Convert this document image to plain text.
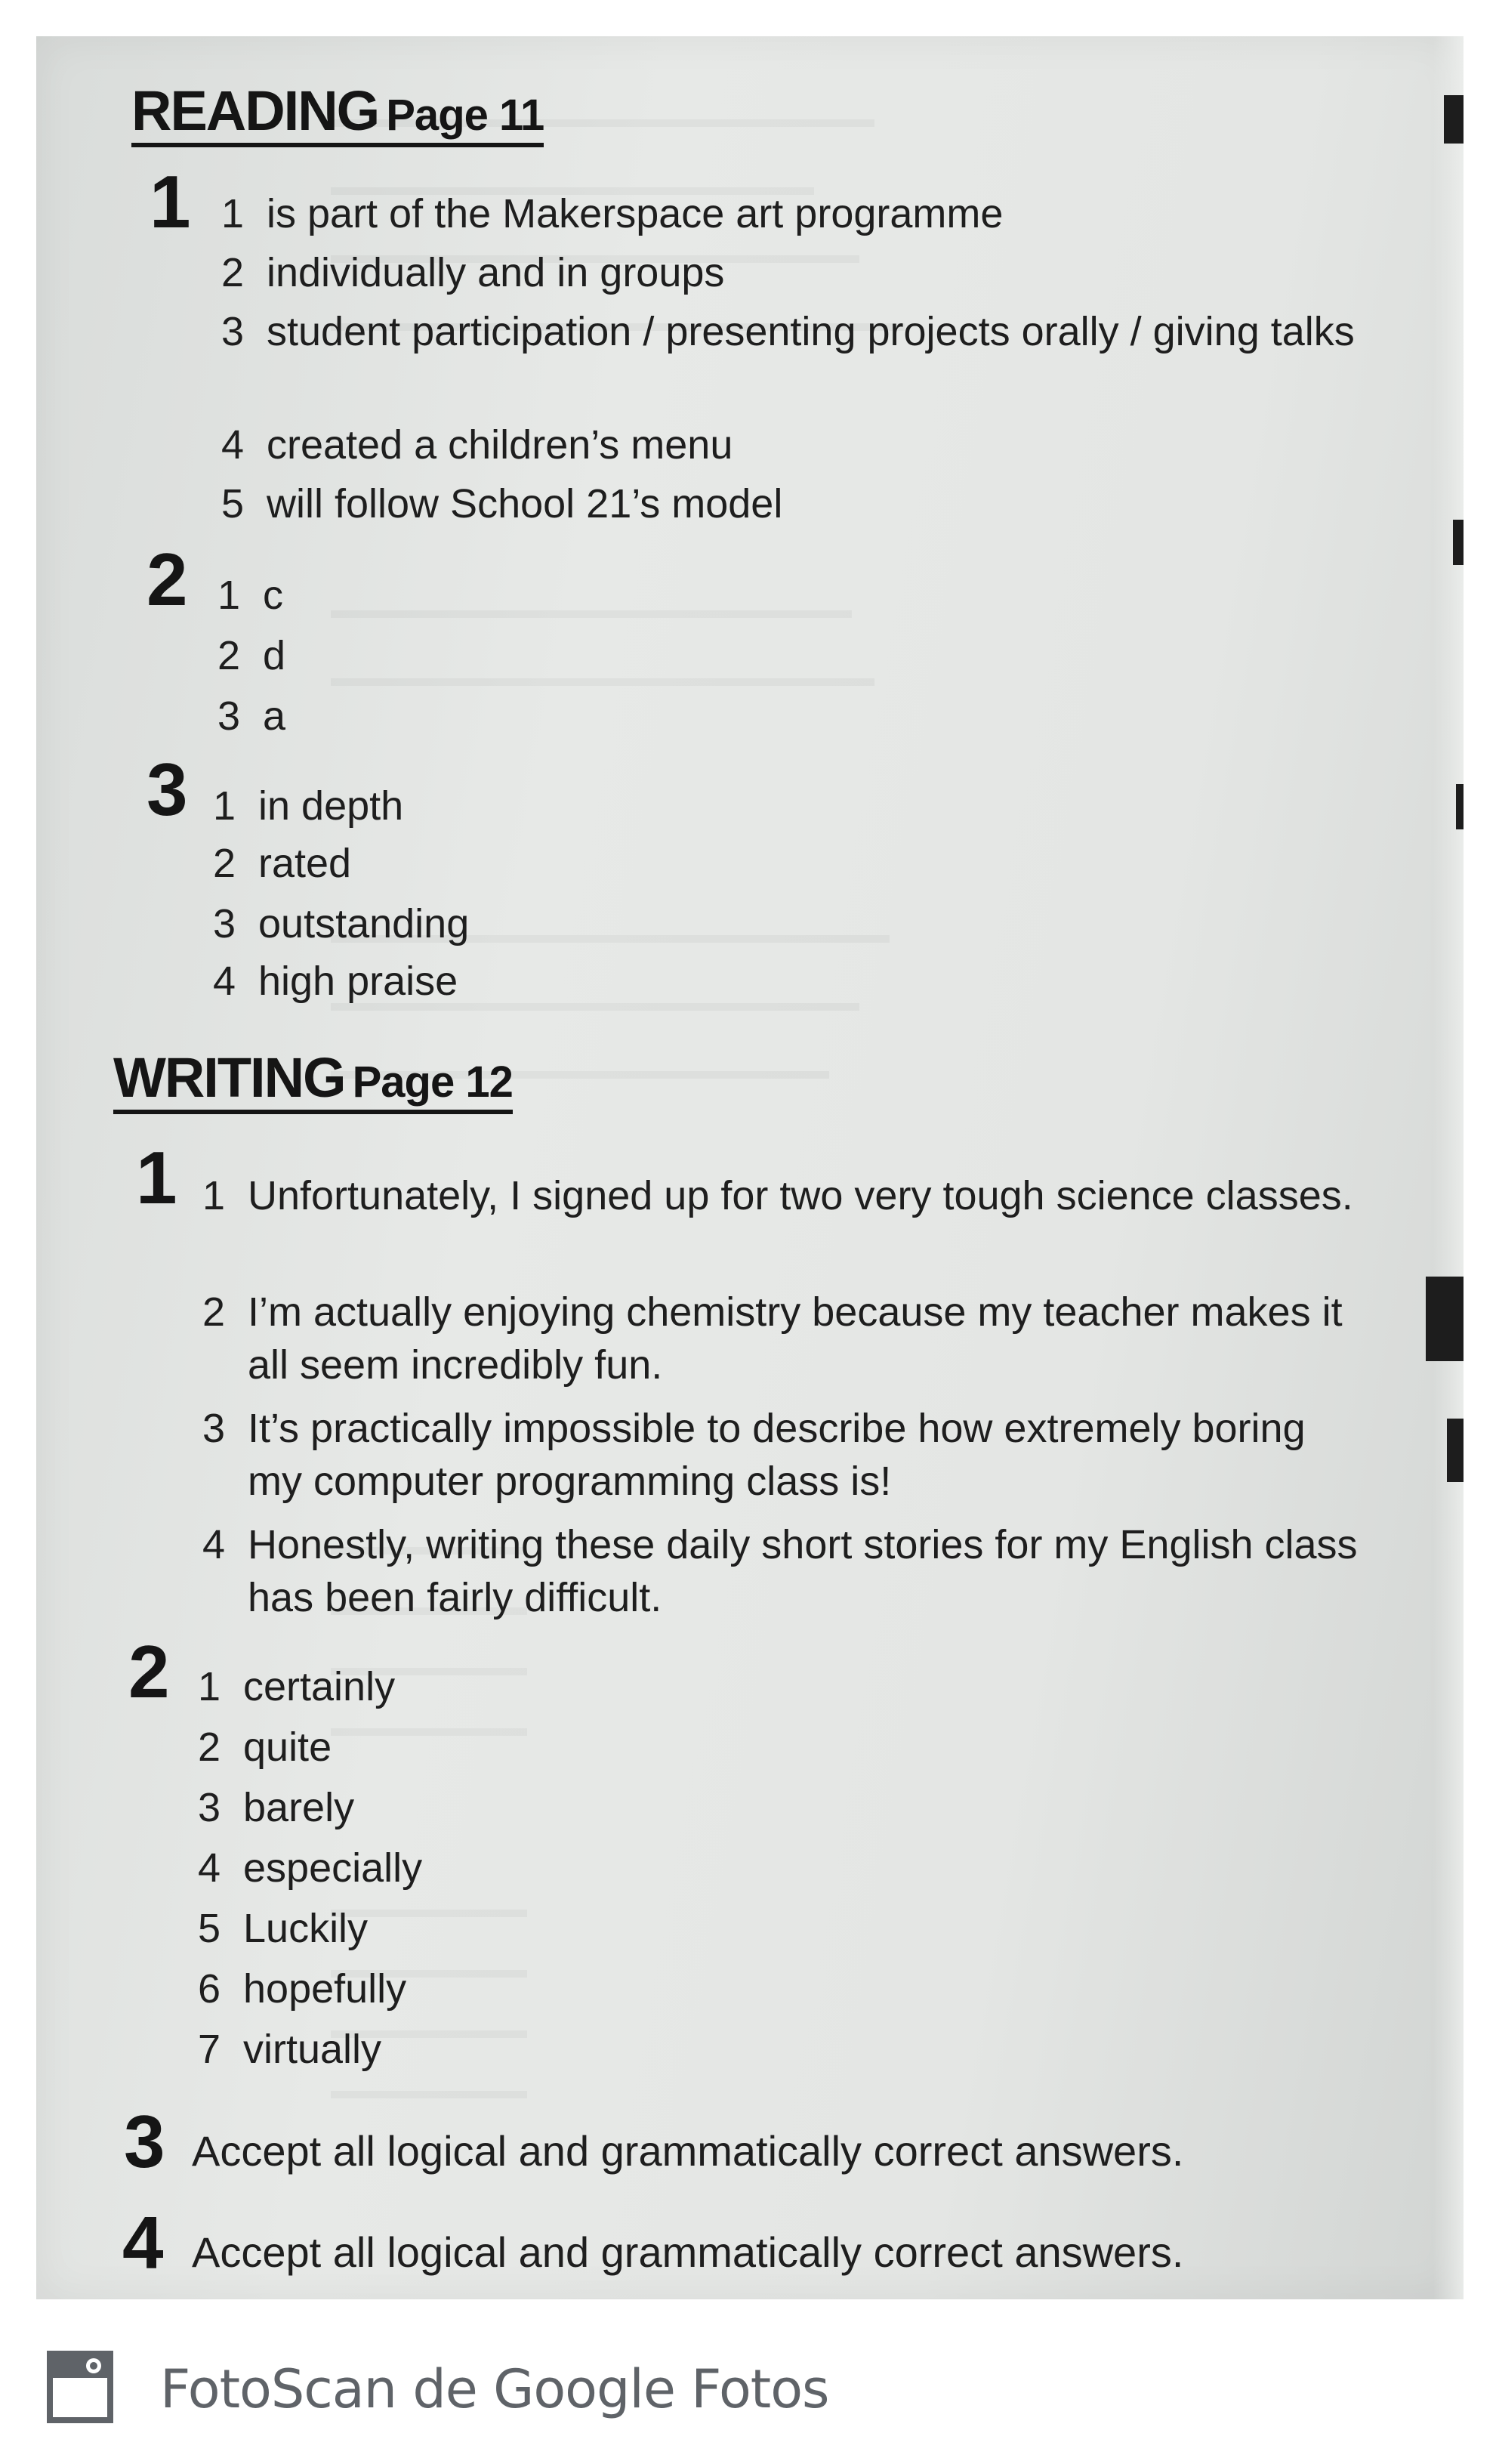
READING Page 11
1 1 is part of the Makerspace art programme
2 individually and in groups
3 student participation / presenting projects orally / giving talks
4 created a children’s menu
5 will follow School 21’s model
2 1 c
2 d
3 a
3 1 in depth
2 rated
3 outstanding
4 high praise
WRITING Page 12
1 1 Unfortunately, I signed up for two very tough science classes.
2 I’m actually enjoying chemistry because my teacher makes it all seem incredibly fun.
3 It’s practically impossible to describe how extremely boring my computer programming class is!
4 Honestly, writing these daily short stories for my English class has been fairly difficult.
2 1 certainly
2 quite
3 barely
4 especially
5 Luckily
6 hopefully
7 virtually
3 Accept all logical and grammatically correct answers.
4 Accept all logical and grammatically correct answers.
FotoScan de Google Fotos
